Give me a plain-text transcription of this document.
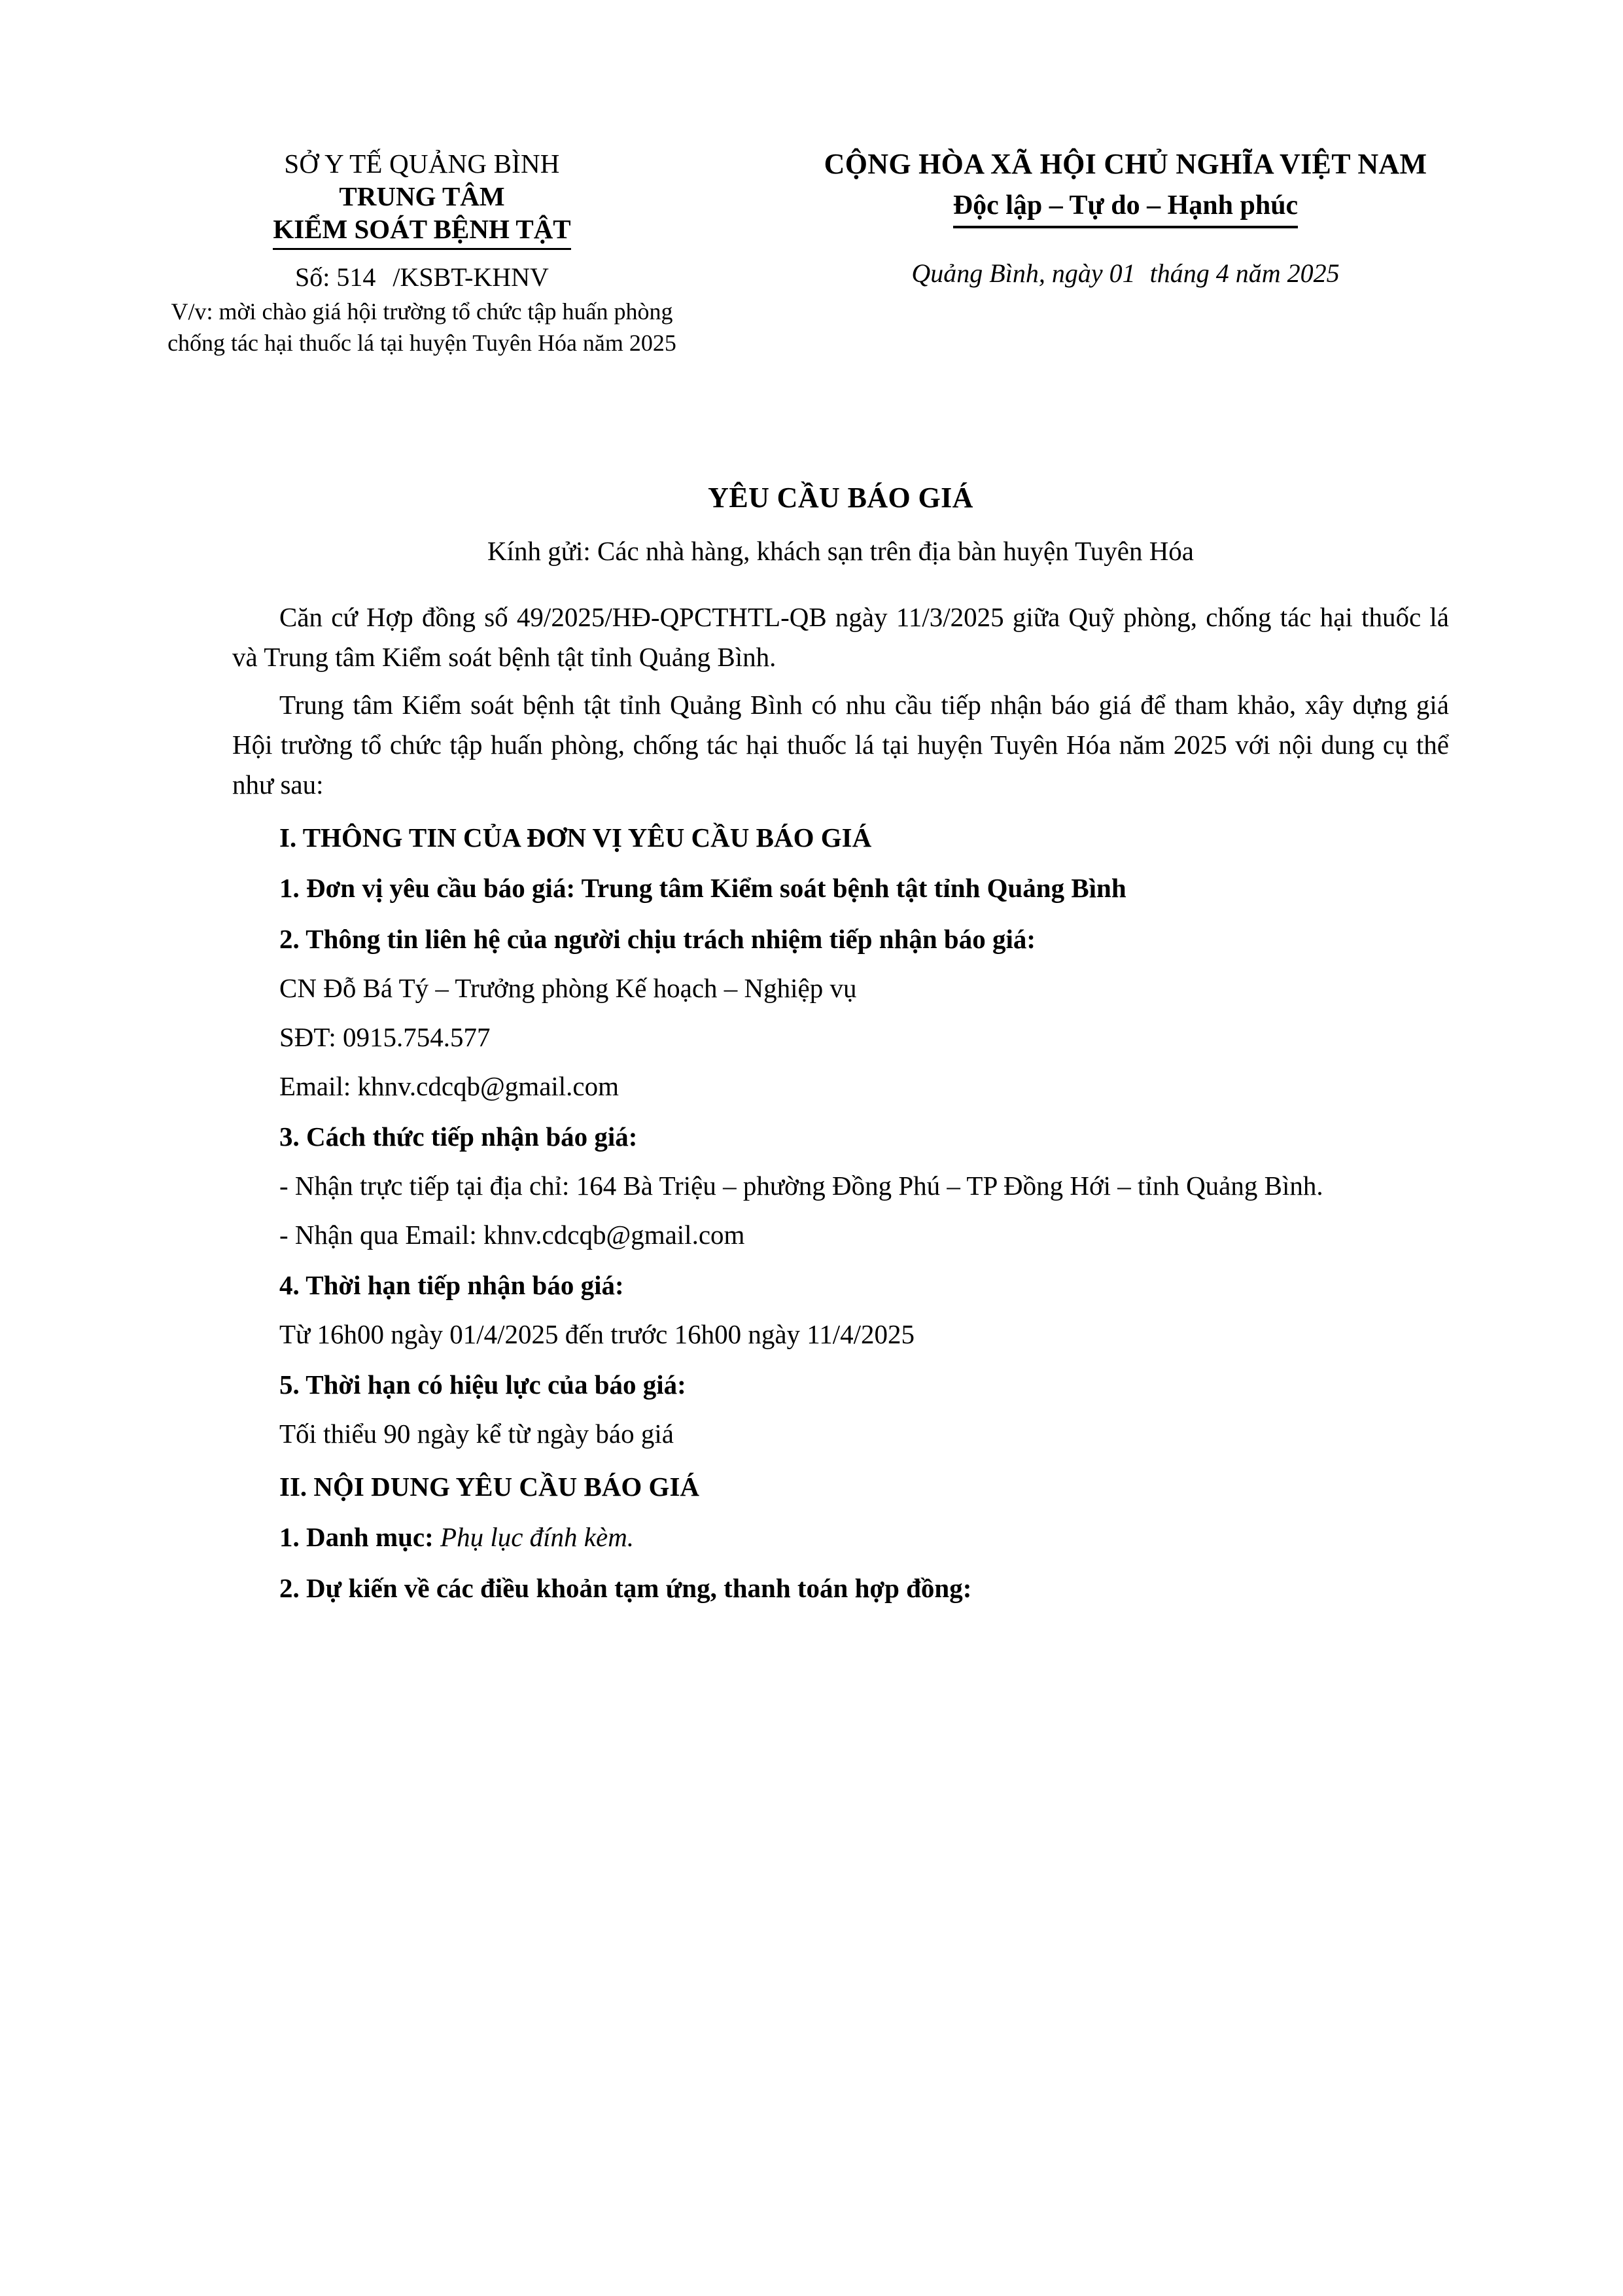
SỞ Y TẾ QUẢNG BÌNH
TRUNG TÂM
KIỂM SOÁT BỆNH TẬT
Số: 514 /KSBT-KHNV
V/v: mời chào giá hội trường tổ chức tập huấn phòng chống tác hại thuốc lá tại huyện Tuyên Hóa năm 2025
CỘNG HÒA XÃ HỘI CHỦ NGHĨA VIỆT NAM
Độc lập – Tự do – Hạnh phúc
Quảng Bình, ngày 01 tháng 4 năm 2025
YÊU CẦU BÁO GIÁ
Kính gửi: Các nhà hàng, khách sạn trên địa bàn huyện Tuyên Hóa

Căn cứ Hợp đồng số 49/2025/HĐ-QPCTHTL-QB ngày 11/3/2025 giữa Quỹ phòng, chống tác hại thuốc lá và Trung tâm Kiểm soát bệnh tật tỉnh Quảng Bình.

Trung tâm Kiểm soát bệnh tật tỉnh Quảng Bình có nhu cầu tiếp nhận báo giá để tham khảo, xây dựng giá Hội trường tổ chức tập huấn phòng, chống tác hại thuốc lá tại huyện Tuyên Hóa năm 2025 với nội dung cụ thể như sau:

I. THÔNG TIN CỦA ĐƠN VỊ YÊU CẦU BÁO GIÁ

1. Đơn vị yêu cầu báo giá: Trung tâm Kiểm soát bệnh tật tỉnh Quảng Bình

2. Thông tin liên hệ của người chịu trách nhiệm tiếp nhận báo giá:

CN Đỗ Bá Tý – Trưởng phòng Kế hoạch – Nghiệp vụ

SĐT: 0915.754.577

Email: khnv.cdcqb@gmail.com

3. Cách thức tiếp nhận báo giá:

- Nhận trực tiếp tại địa chỉ: 164 Bà Triệu – phường Đồng Phú – TP Đồng Hới – tỉnh Quảng Bình.

- Nhận qua Email: khnv.cdcqb@gmail.com

4. Thời hạn tiếp nhận báo giá:

Từ 16h00 ngày 01/4/2025 đến trước 16h00 ngày 11/4/2025

5. Thời hạn có hiệu lực của báo giá:

Tối thiểu 90 ngày kể từ ngày báo giá

II. NỘI DUNG YÊU CẦU BÁO GIÁ

1. Danh mục: Phụ lục đính kèm.

2. Dự kiến về các điều khoản tạm ứng, thanh toán hợp đồng:
